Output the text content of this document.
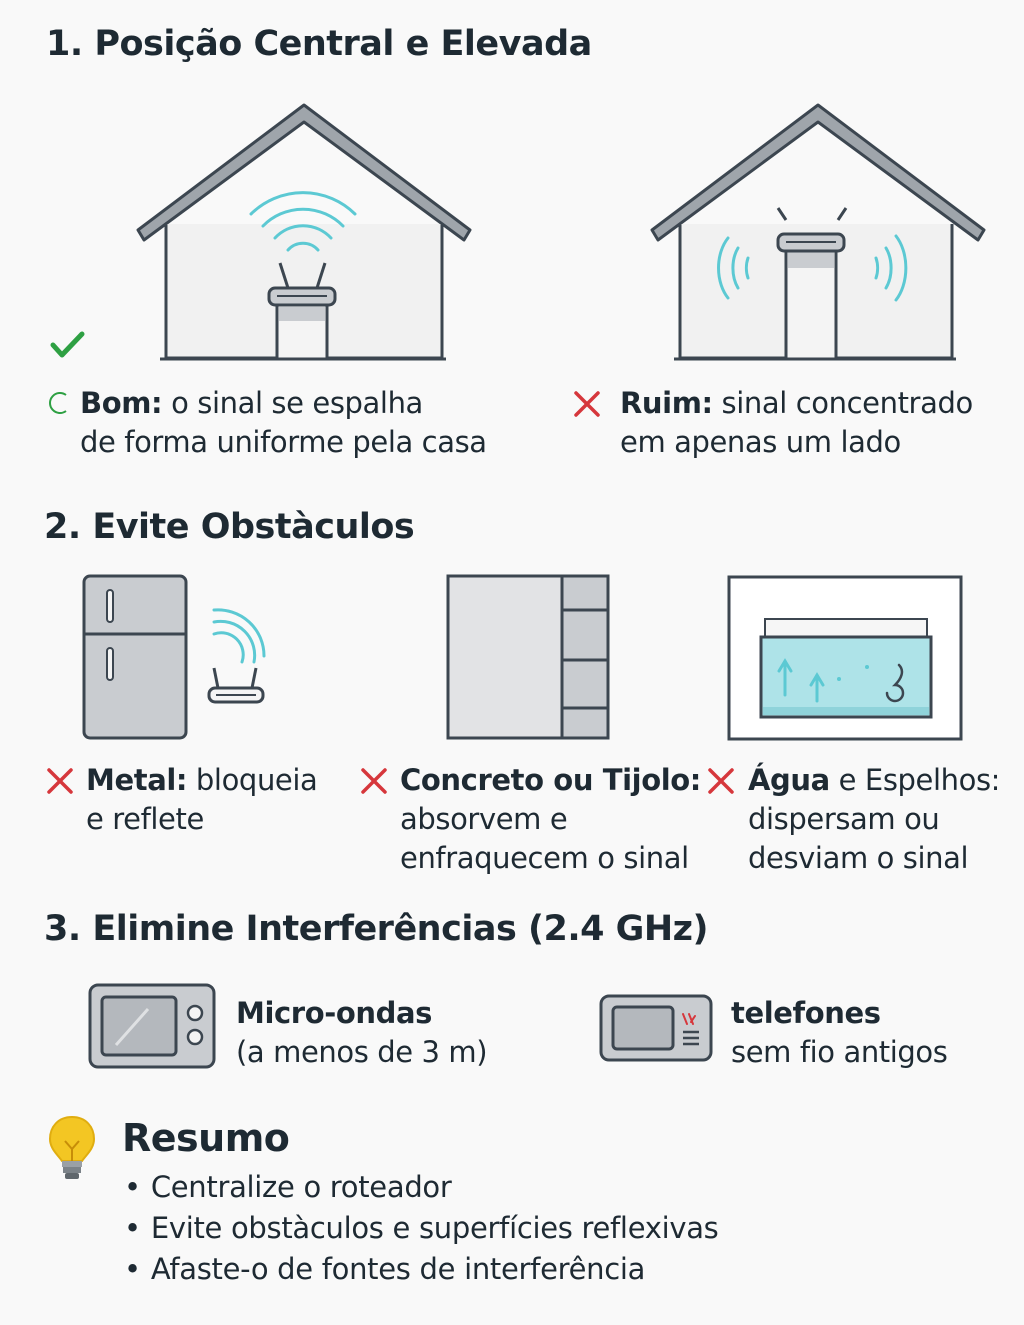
1. Posição Central e Elevada
Bom: o sinal se espalha
de forma uniforme pela casa
Ruim: sinal concentrado
em apenas um lado
2. Evite Obstàculos
Metal: bloqueia
e reflete
Concreto ou Tijolo:
absorvem e
enfraquecem o sinal
Água e Espelhos:
dispersam ou
desviam o sinal
3. Elimine Interferências (2.4 GHz)
Micro-ondas
(a menos de 3 m)
telefones
sem fio antigos
Resumo
• Centralize o roteador
• Evite obstàculos e superfícies reflexivas
• Afaste-o de fontes de interferência
